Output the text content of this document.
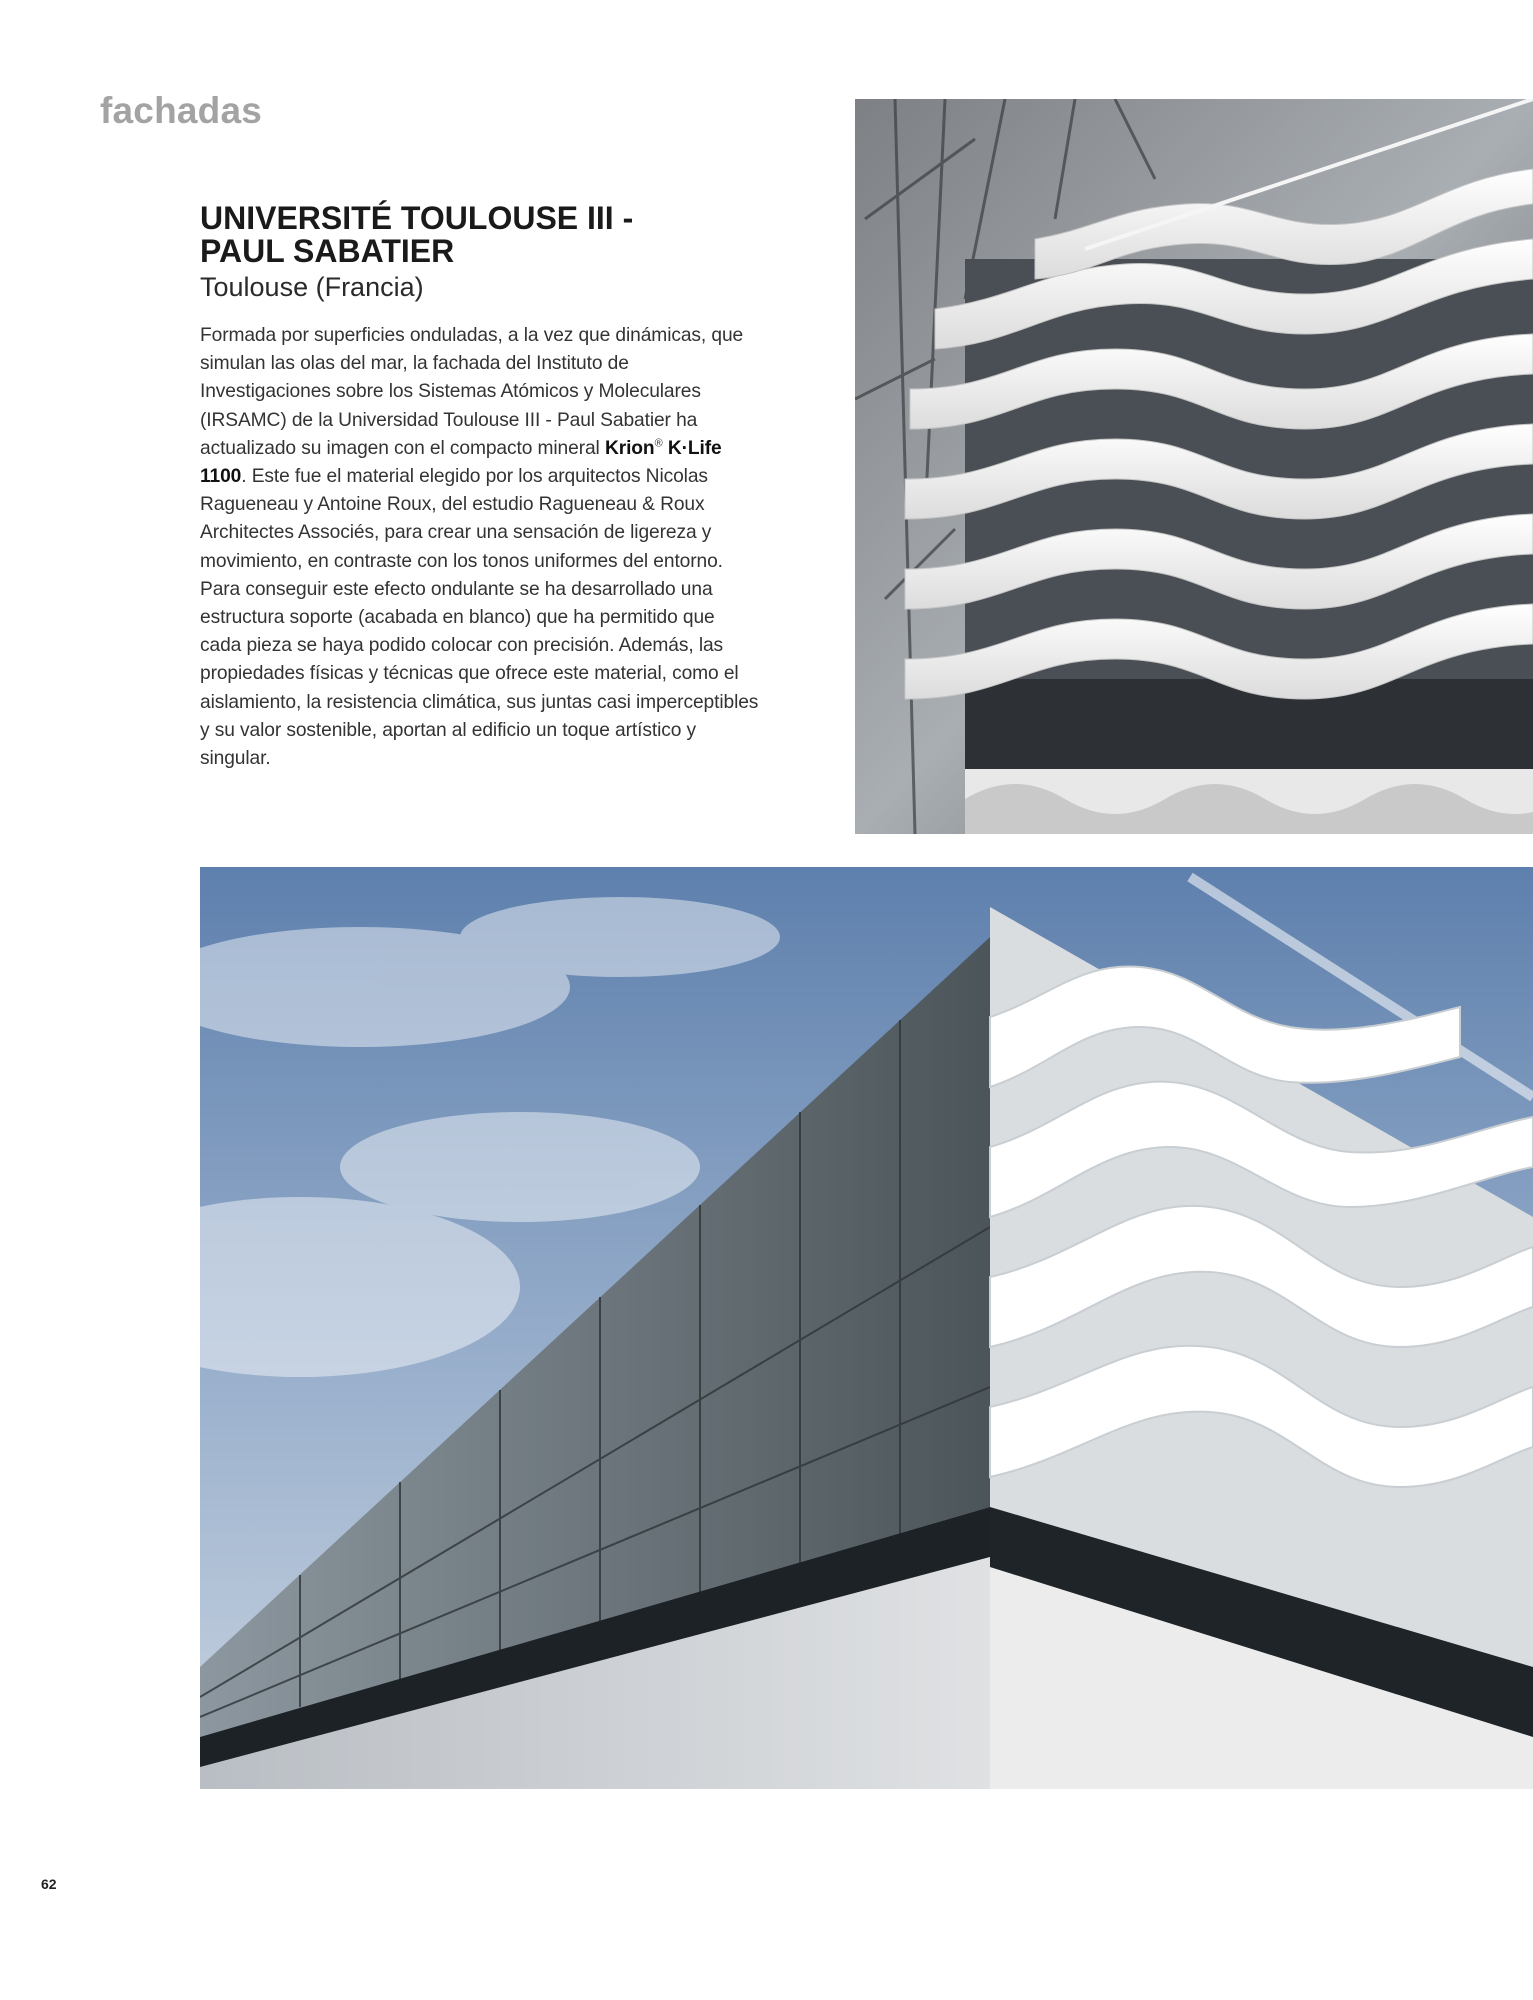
fachadas
UNIVERSITÉ TOULOUSE III -
PAUL SABATIER
Toulouse (Francia)

Formada por superficies onduladas, a la vez que dinámicas, que simulan las olas del mar, la fachada del Instituto de Investigaciones sobre los Sistemas Atómicos y Moleculares (IRSAMC) de la Universidad Toulouse III - Paul Sabatier ha actualizado su imagen con el compacto mineral Krion® K·Life 1100. Este fue el material elegido por los arquitectos Nicolas Ragueneau y Antoine Roux, del estudio Ragueneau & Roux Architectes Associés, para crear una sensación de ligereza y movimiento, en contraste con los tonos uniformes del entorno. Para conseguir este efecto ondulante se ha desarrollado una estructura soporte (acabada en blanco) que ha permitido que cada pieza se haya podido colocar con precisión. Además, las propiedades físicas y técnicas que ofrece este material, como el aislamiento, la resistencia climática, sus juntas casi imperceptibles y su valor sostenible, aportan al edificio un toque artístico y singular.

62
